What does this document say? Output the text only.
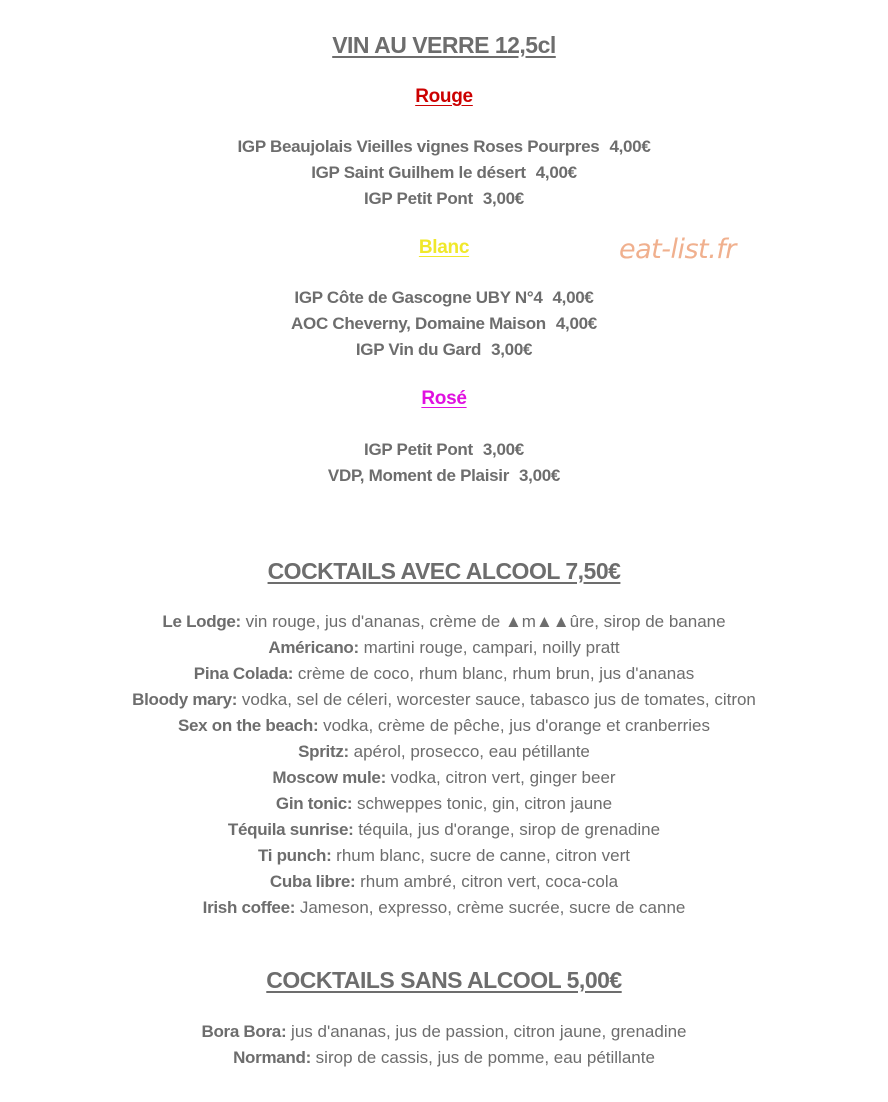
VIN AU VERRE 12,5cl
Rouge
IGP Beaujolais Vieilles vignes Roses Pourpres 4,00€
IGP Saint Guilhem le désert 4,00€
IGP Petit Pont 3,00€
Blanc	eat-list.fr
IGP Côte de Gascogne UBY N°4 4,00€
AOC Cheverny, Domaine Maison 4,00€
IGP Vin du Gard 3,00€
Rosé
IGP Petit Pont 3,00€
VDP, Moment de Plaisir 3,00€
COCKTAILS AVEC ALCOOL 7,50€
Le Lodge: vin rouge, jus d'ananas, crème de ▲m▲▲ûre, sirop de banane
Américano: martini rouge, campari, noilly pratt
Pina Colada: crème de coco, rhum blanc, rhum brun, jus d'ananas
Bloody mary: vodka, sel de céleri, worcester sauce, tabasco jus de tomates, citron
Sex on the beach: vodka, crème de pêche, jus d'orange et cranberries
Spritz: apérol, prosecco, eau pétillante
Moscow mule: vodka, citron vert, ginger beer
Gin tonic: schweppes tonic, gin, citron jaune
Téquila sunrise: téquila, jus d'orange, sirop de grenadine
Ti punch: rhum blanc, sucre de canne, citron vert
Cuba libre: rhum ambré, citron vert, coca-cola
Irish coffee: Jameson, expresso, crème sucrée, sucre de canne
COCKTAILS SANS ALCOOL 5,00€
Bora Bora: jus d'ananas, jus de passion, citron jaune, grenadine
Normand: sirop de cassis, jus de pomme, eau pétillante
